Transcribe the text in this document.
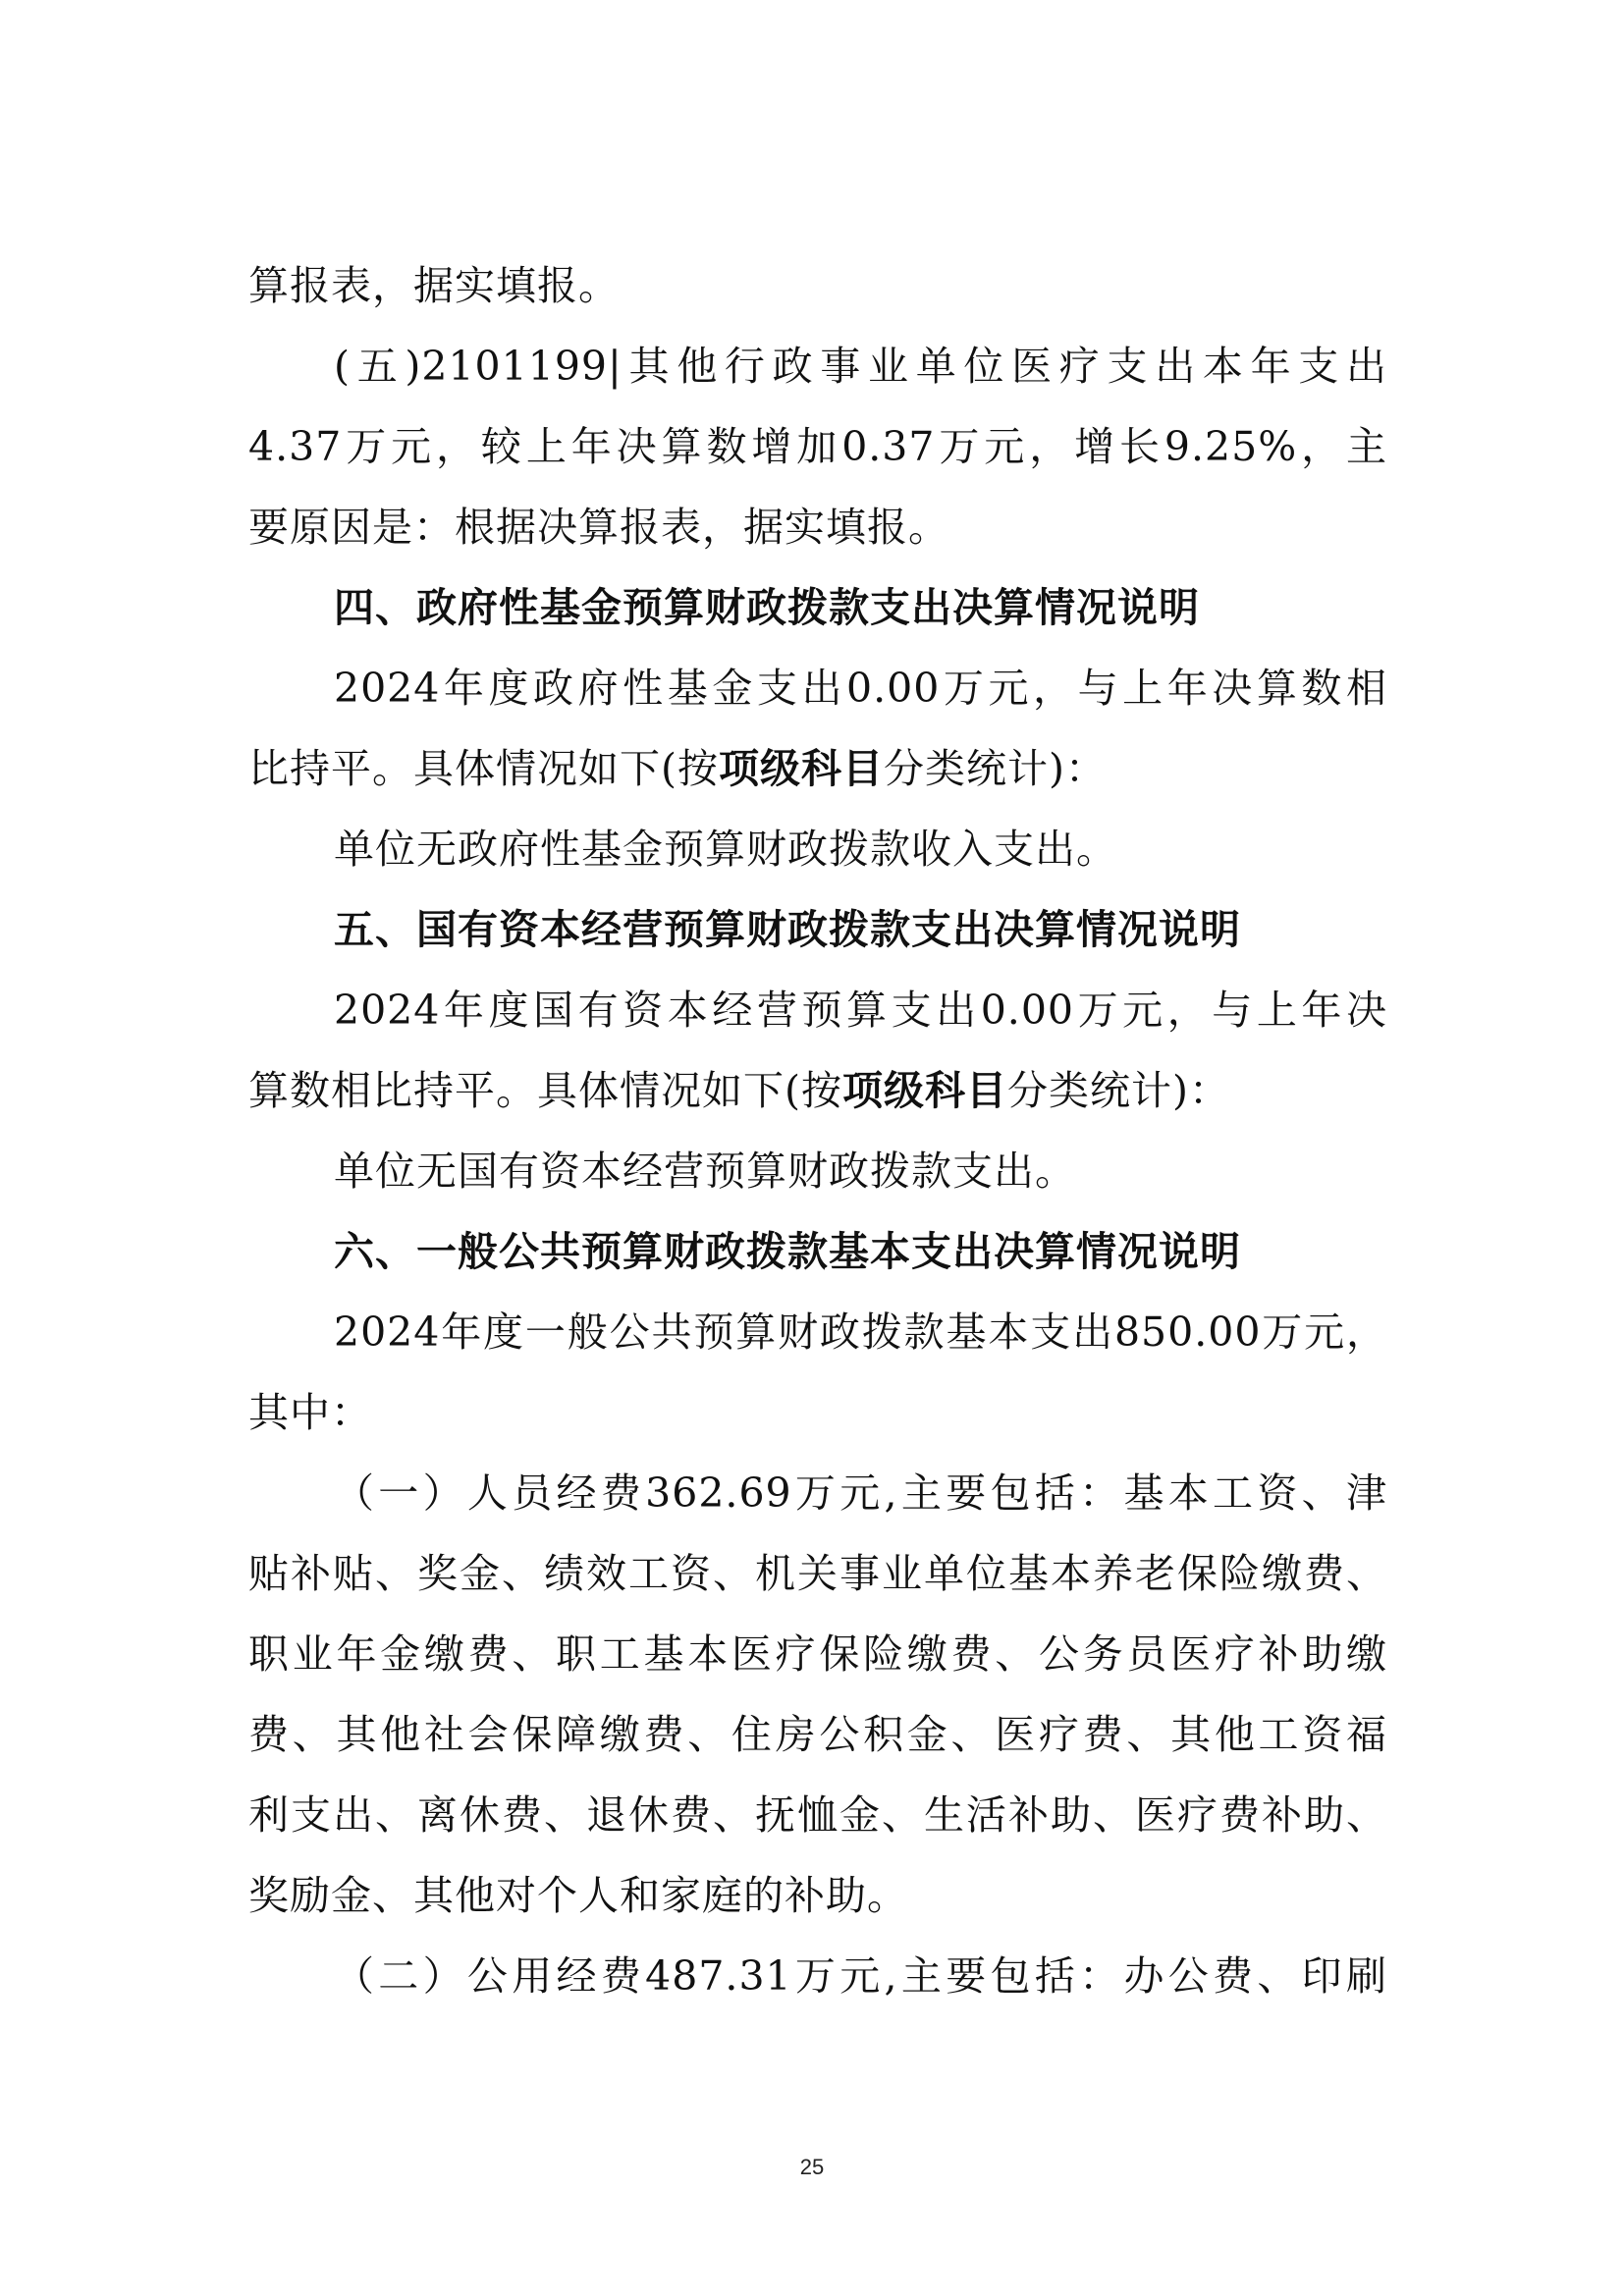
算报表，据实填报。
(五)2101199|其他行政事业单位医疗支出本年支出
4.37万元，较上年决算数增加0.37万元，增长9.25%，主
要原因是：根据决算报表，据实填报。
四、政府性基金预算财政拨款支出决算情况说明
2024年度政府性基金支出0.00万元，与上年决算数相
比持平。具体情况如下(按项级科目分类统计)：
单位无政府性基金预算财政拨款收入支出。
五、国有资本经营预算财政拨款支出决算情况说明
2024年度国有资本经营预算支出0.00万元，与上年决
算数相比持平。具体情况如下(按项级科目分类统计)：
单位无国有资本经营预算财政拨款支出。
六、一般公共预算财政拨款基本支出决算情况说明
2024年度一般公共预算财政拨款基本支出850.00万元，
其中：
（一）人员经费362.69万元,主要包括：基本工资、津
贴补贴、奖金、绩效工资、机关事业单位基本养老保险缴费、
职业年金缴费、职工基本医疗保险缴费、公务员医疗补助缴
费、其他社会保障缴费、住房公积金、医疗费、其他工资福
利支出、离休费、退休费、抚恤金、生活补助、医疗费补助、
奖励金、其他对个人和家庭的补助。
（二）公用经费487.31万元,主要包括：办公费、印刷
25
